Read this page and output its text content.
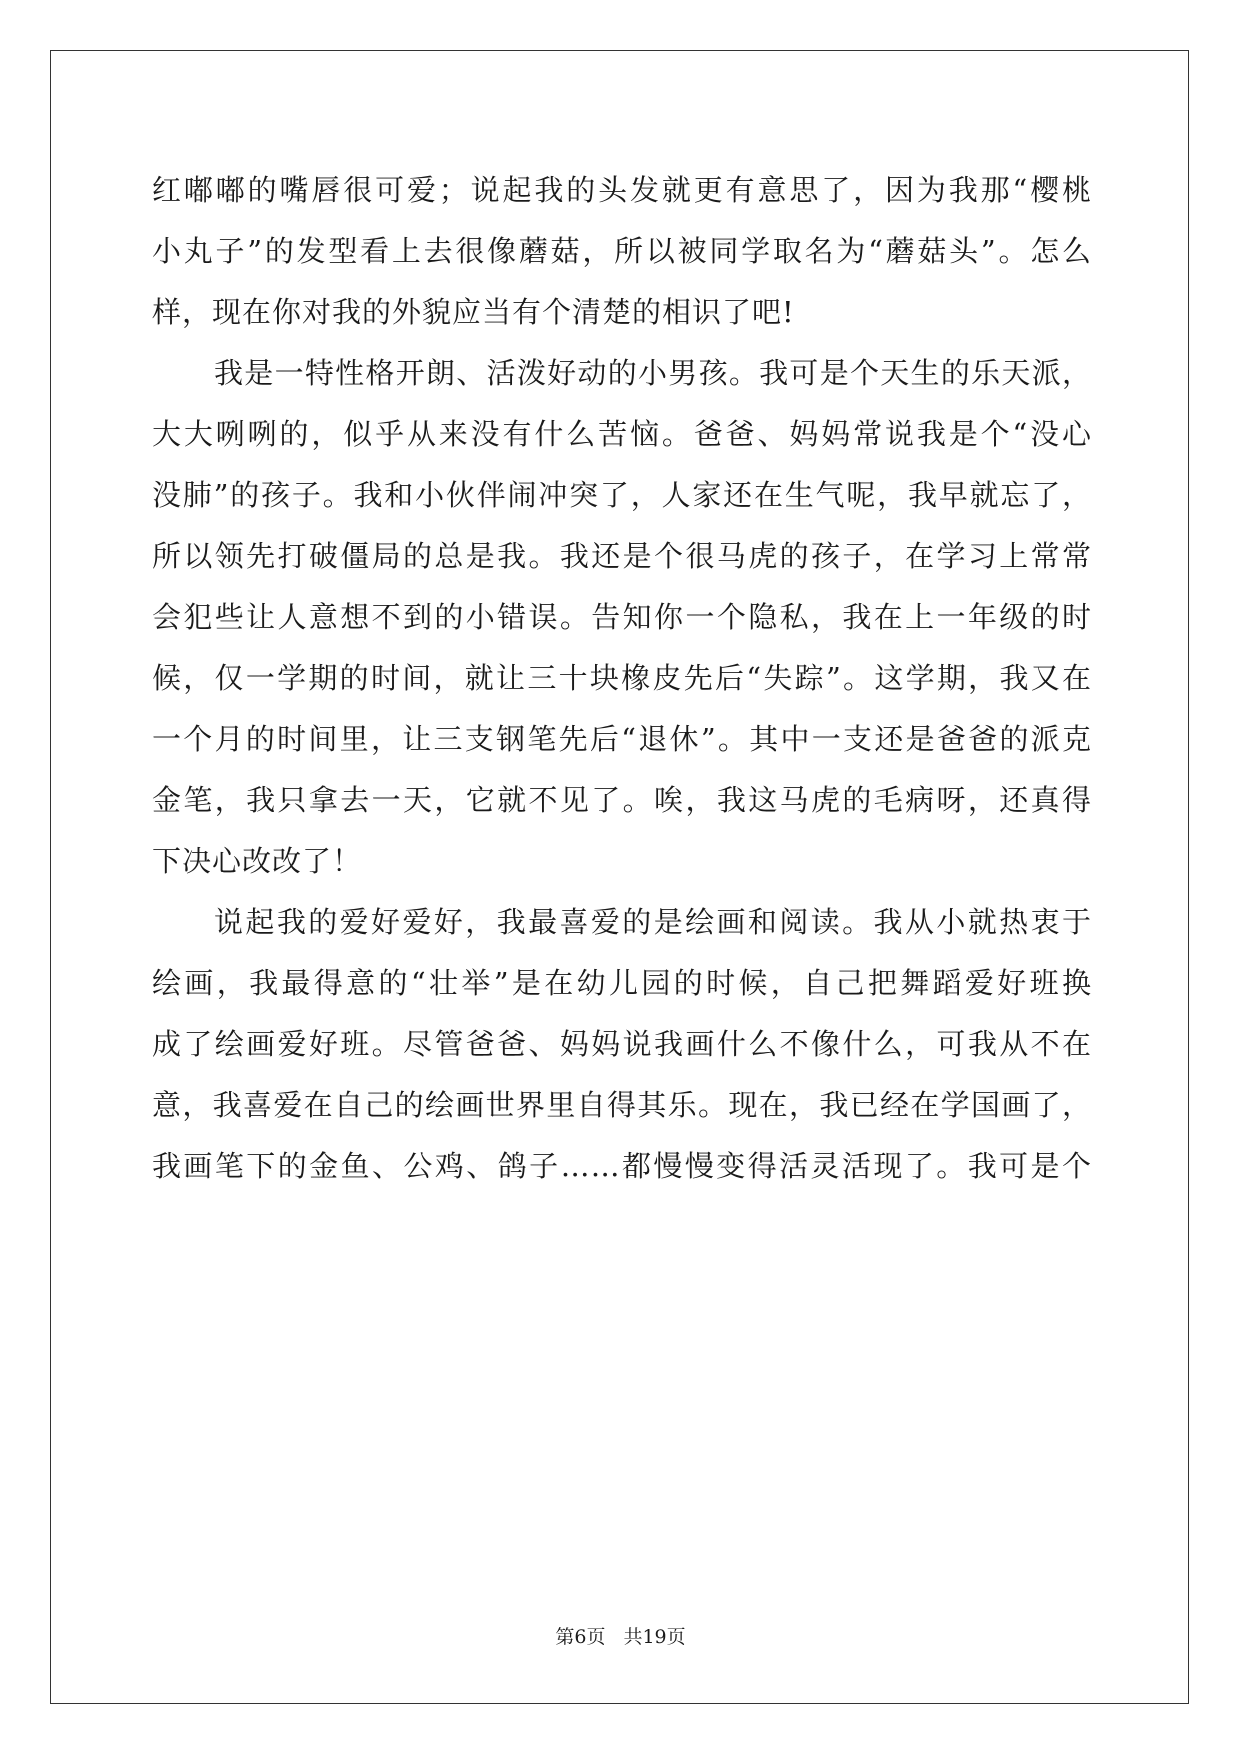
红嘟嘟的嘴唇很可爱；说起我的头发就更有意思了，因为我那“樱桃
小丸子”的发型看上去很像蘑菇，所以被同学取名为“蘑菇头”。怎么
样，现在你对我的外貌应当有个清楚的相识了吧!
我是一特性格开朗、活泼好动的小男孩。我可是个天生的乐天派，
大大咧咧的，似乎从来没有什么苦恼。爸爸、妈妈常说我是个“没心
没肺”的孩子。我和小伙伴闹冲突了，人家还在生气呢，我早就忘了，
所以领先打破僵局的总是我。我还是个很马虎的孩子，在学习上常常
会犯些让人意想不到的小错误。告知你一个隐私，我在上一年级的时
候，仅一学期的时间，就让三十块橡皮先后“失踪”。这学期，我又在
一个月的时间里，让三支钢笔先后“退休”。其中一支还是爸爸的派克
金笔，我只拿去一天，它就不见了。唉，我这马虎的毛病呀，还真得
下决心改改了！
说起我的爱好爱好，我最喜爱的是绘画和阅读。我从小就热衷于
绘画，我最得意的“壮举”是在幼儿园的时候，自己把舞蹈爱好班换
成了绘画爱好班。尽管爸爸、妈妈说我画什么不像什么，可我从不在
意，我喜爱在自己的绘画世界里自得其乐。现在，我已经在学国画了，
我画笔下的金鱼、公鸡、鸽子……都慢慢变得活灵活现了。我可是个
第6页 共19页
